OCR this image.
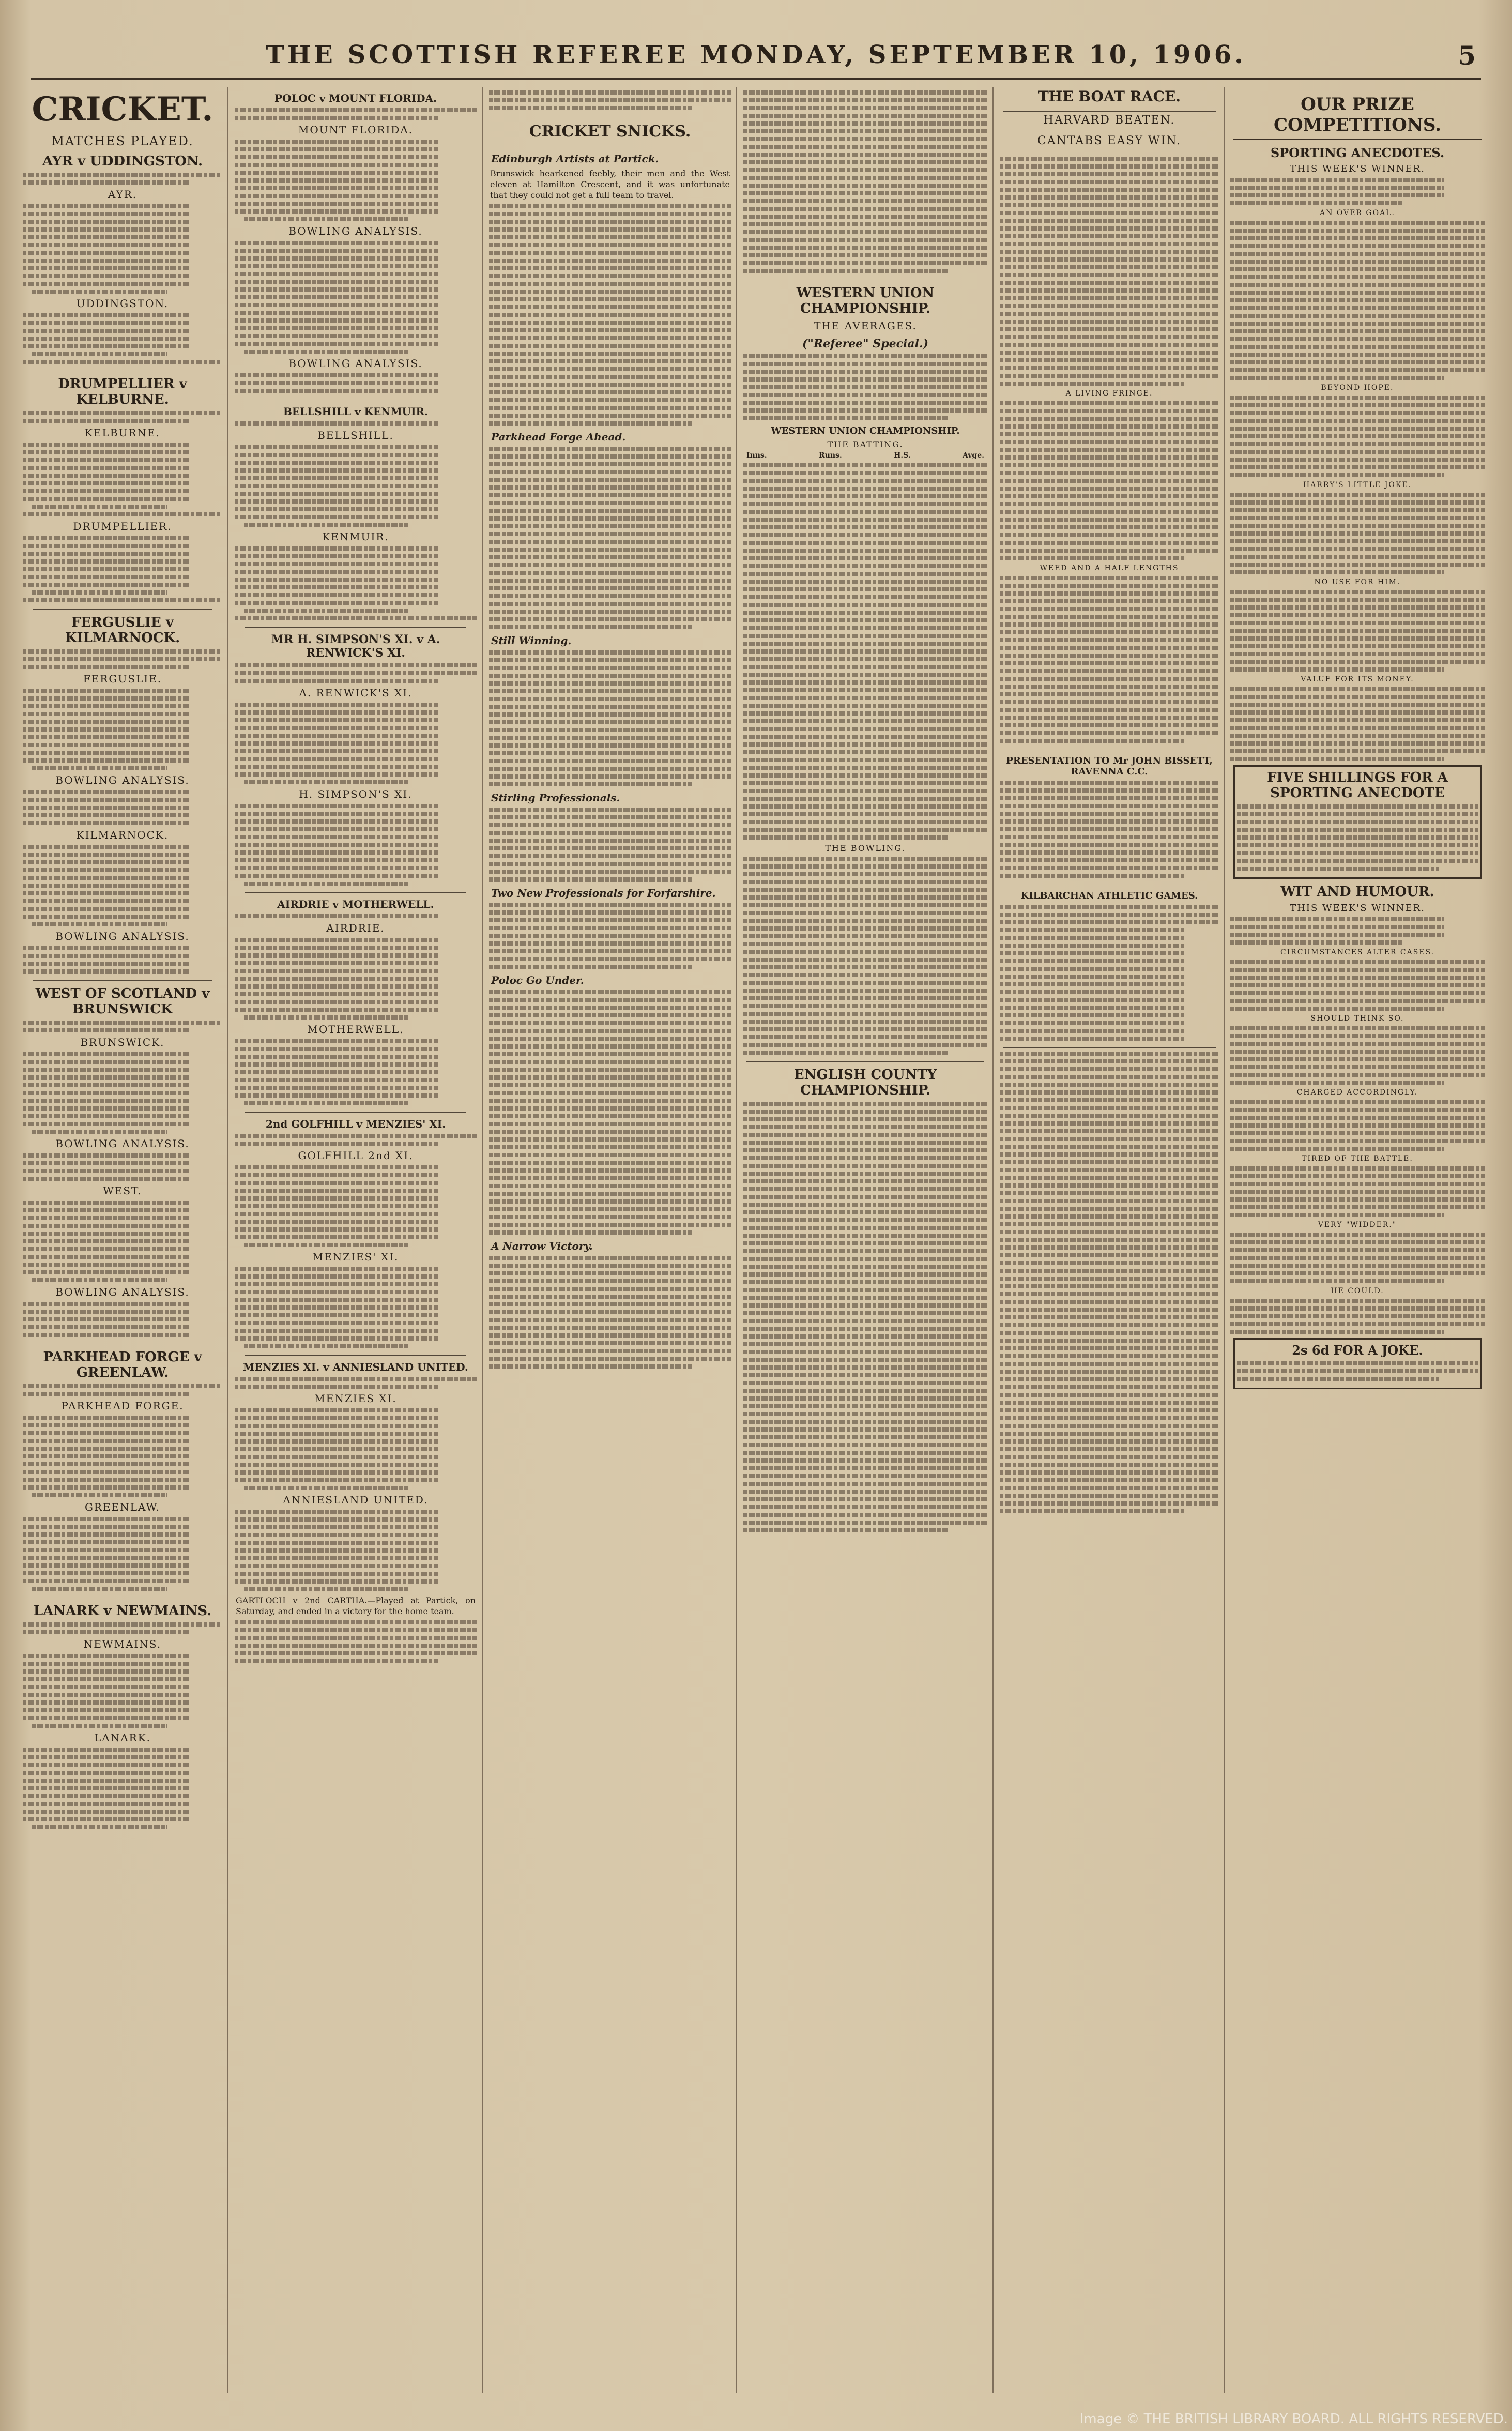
THE SCOTTISH REFEREE MONDAY, SEPTEMBER 10, 1906.	5
CRICKET.
MATCHES PLAYED.
AYR v UDDINGSTON.
AYR.
UDDINGSTON.
DRUMPELLIER v KELBURNE.
KELBURNE.
DRUMPELLIER.
FERGUSLIE v KILMARNOCK.
FERGUSLIE.
BOWLING ANALYSIS.
KILMARNOCK.
BOWLING ANALYSIS.
WEST OF SCOTLAND v BRUNSWICK
BRUNSWICK.
BOWLING ANALYSIS.
WEST.
BOWLING ANALYSIS.
PARKHEAD FORGE v GREENLAW.
PARKHEAD FORGE.
GREENLAW.
LANARK v NEWMAINS.
NEWMAINS.
LANARK.
POLOC v MOUNT FLORIDA.
MOUNT FLORIDA.
BOWLING ANALYSIS.
BOWLING ANALYSIS.
BELLSHILL v KENMUIR.
BELLSHILL.
KENMUIR.
MR H. SIMPSON'S XI. v A. RENWICK'S XI.
A. RENWICK'S XI.
H. SIMPSON'S XI.
AIRDRIE v MOTHERWELL.
AIRDRIE.
MOTHERWELL.
2nd GOLFHILL v MENZIES' XI.
GOLFHILL 2nd XI.
MENZIES' XI.
MENZIES XI. v ANNIESLAND UNITED.
MENZIES XI.
ANNIESLAND UNITED.
GARTLOCH v 2nd CARTHA.—Played at Partick, on Saturday, and ended in a victory for the home team.
CRICKET SNICKS.
Edinburgh Artists at Partick.
Brunswick hearkened feebly, their men and the West eleven at Hamilton Crescent, and it was unfortunate that they could not get a full team to travel.
Parkhead Forge Ahead.
Still Winning.
Stirling Professionals.
Two New Professionals for Forfarshire.
Poloc Go Under.
A Narrow Victory.
WESTERN UNION CHAMPIONSHIP.
THE AVERAGES.
("Referee" Special.)
WESTERN UNION CHAMPIONSHIP.
THE BATTING.
Inns.	Runs.	H.S.	Avge.
THE BOWLING.
ENGLISH COUNTY CHAMPIONSHIP.
THE BOAT RACE.
HARVARD BEATEN.
CANTABS EASY WIN.
A LIVING FRINGE.
WEED AND A HALF LENGTHS
PRESENTATION TO Mr JOHN BISSETT, RAVENNA C.C.
KILBARCHAN ATHLETIC GAMES.
OUR PRIZE COMPETITIONS.
SPORTING ANECDOTES.
THIS WEEK'S WINNER.
AN OVER GOAL.
BEYOND HOPE.
HARRY'S LITTLE JOKE.
NO USE FOR HIM.
VALUE FOR ITS MONEY.
FIVE SHILLINGS FOR A SPORTING ANECDOTE
WIT AND HUMOUR.
THIS WEEK'S WINNER.
CIRCUMSTANCES ALTER CASES.
SHOULD THINK SO.
CHARGED ACCORDINGLY.
TIRED OF THE BATTLE.
VERY "WIDDER."
HE COULD.
2s 6d FOR A JOKE.
Image © THE BRITISH LIBRARY BOARD. ALL RIGHTS RESERVED.
